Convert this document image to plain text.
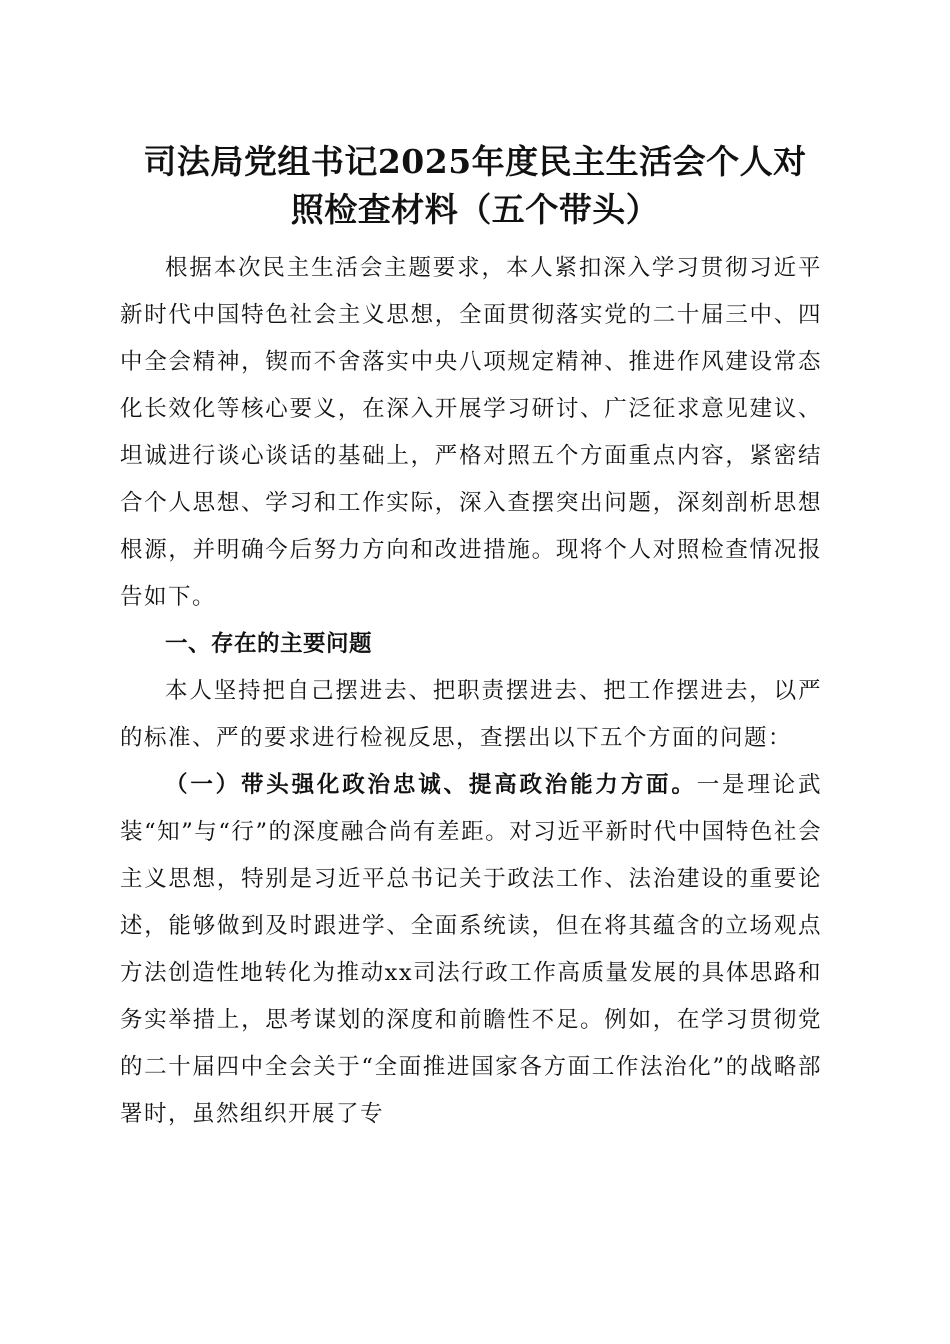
司法局党组书记2025年度民主生活会个人对
照检查材料（五个带头）

根据本次民主生活会主题要求，本人紧扣深入学习贯彻习近平新时代中国特色社会主义思想，全面贯彻落实党的二十届三中、四中全会精神，锲而不舍落实中央八项规定精神、推进作风建设常态化长效化等核心要义，在深入开展学习研讨、广泛征求意见建议、坦诚进行谈心谈话的基础上，严格对照五个方面重点内容，紧密结合个人思想、学习和工作实际，深入查摆突出问题，深刻剖析思想根源，并明确今后努力方向和改进措施。现将个人对照检查情况报告如下。

一、存在的主要问题

本人坚持把自己摆进去、把职责摆进去、把工作摆进去，以严的标准、严的要求进行检视反思，查摆出以下五个方面的问题：

（一）带头强化政治忠诚、提高政治能力方面。一是理论武装“知”与“行”的深度融合尚有差距。对习近平新时代中国特色社会主义思想，特别是习近平总书记关于政法工作、法治建设的重要论述，能够做到及时跟进学、全面系统读，但在将其蕴含的立场观点方法创造性地转化为推动xx司法行政工作高质量发展的具体思路和务实举措上，思考谋划的深度和前瞻性不足。例如，在学习贯彻党的二十届四中全会关于“全面推进国家各方面工作法治化”的战略部署时，虽然组织开展了专
